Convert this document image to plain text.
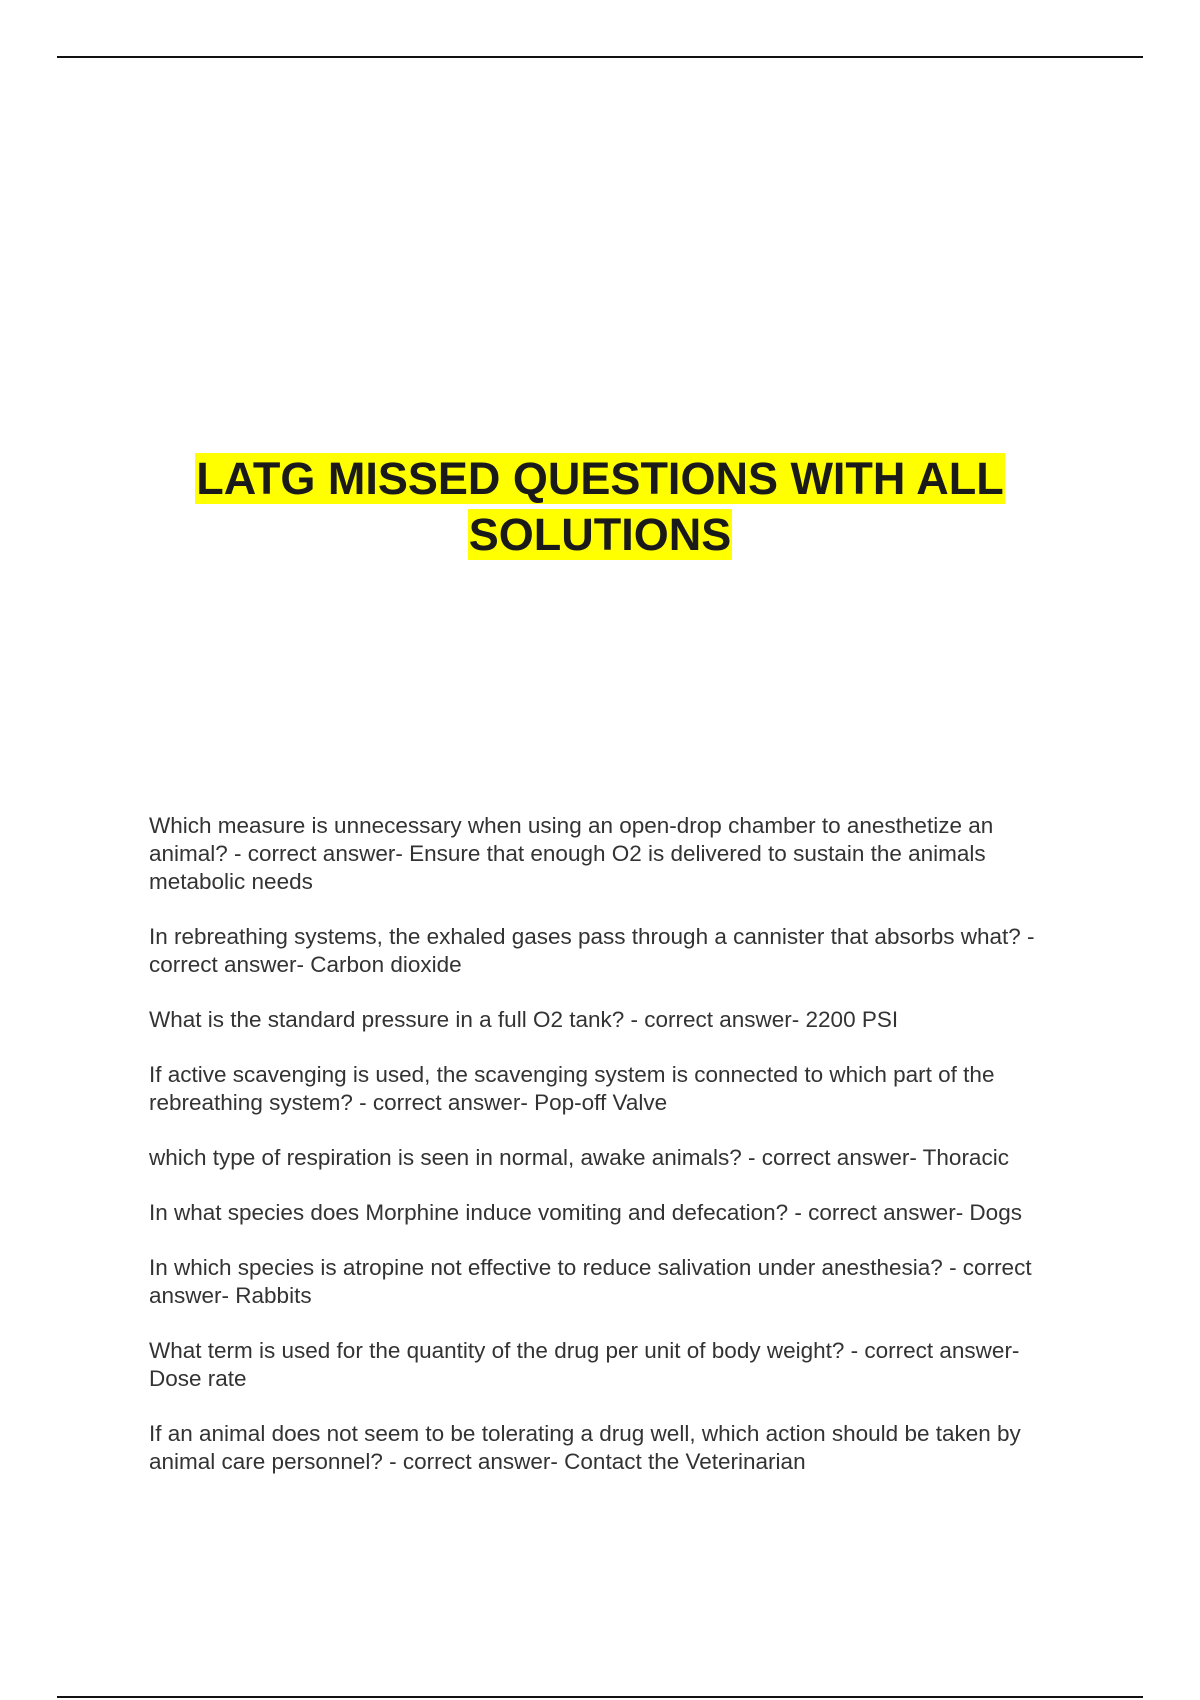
LATG MISSED QUESTIONS WITH ALL
SOLUTIONS
Which measure is unnecessary when using an open-drop chamber to anesthetize an animal? - correct answer- Ensure that enough O2 is delivered to sustain the animals metabolic needs
In rebreathing systems, the exhaled gases pass through a cannister that absorbs what? - correct answer- Carbon dioxide
What is the standard pressure in a full O2 tank? - correct answer- 2200 PSI
If active scavenging is used, the scavenging system is connected to which part of the rebreathing system? - correct answer- Pop-off Valve
which type of respiration is seen in normal, awake animals? - correct answer- Thoracic
In what species does Morphine induce vomiting and defecation? - correct answer- Dogs
In which species is atropine not effective to reduce salivation under anesthesia? - correct answer- Rabbits
What term is used for the quantity of the drug per unit of body weight? - correct answer- Dose rate
If an animal does not seem to be tolerating a drug well, which action should be taken by animal care personnel? - correct answer- Contact the Veterinarian
